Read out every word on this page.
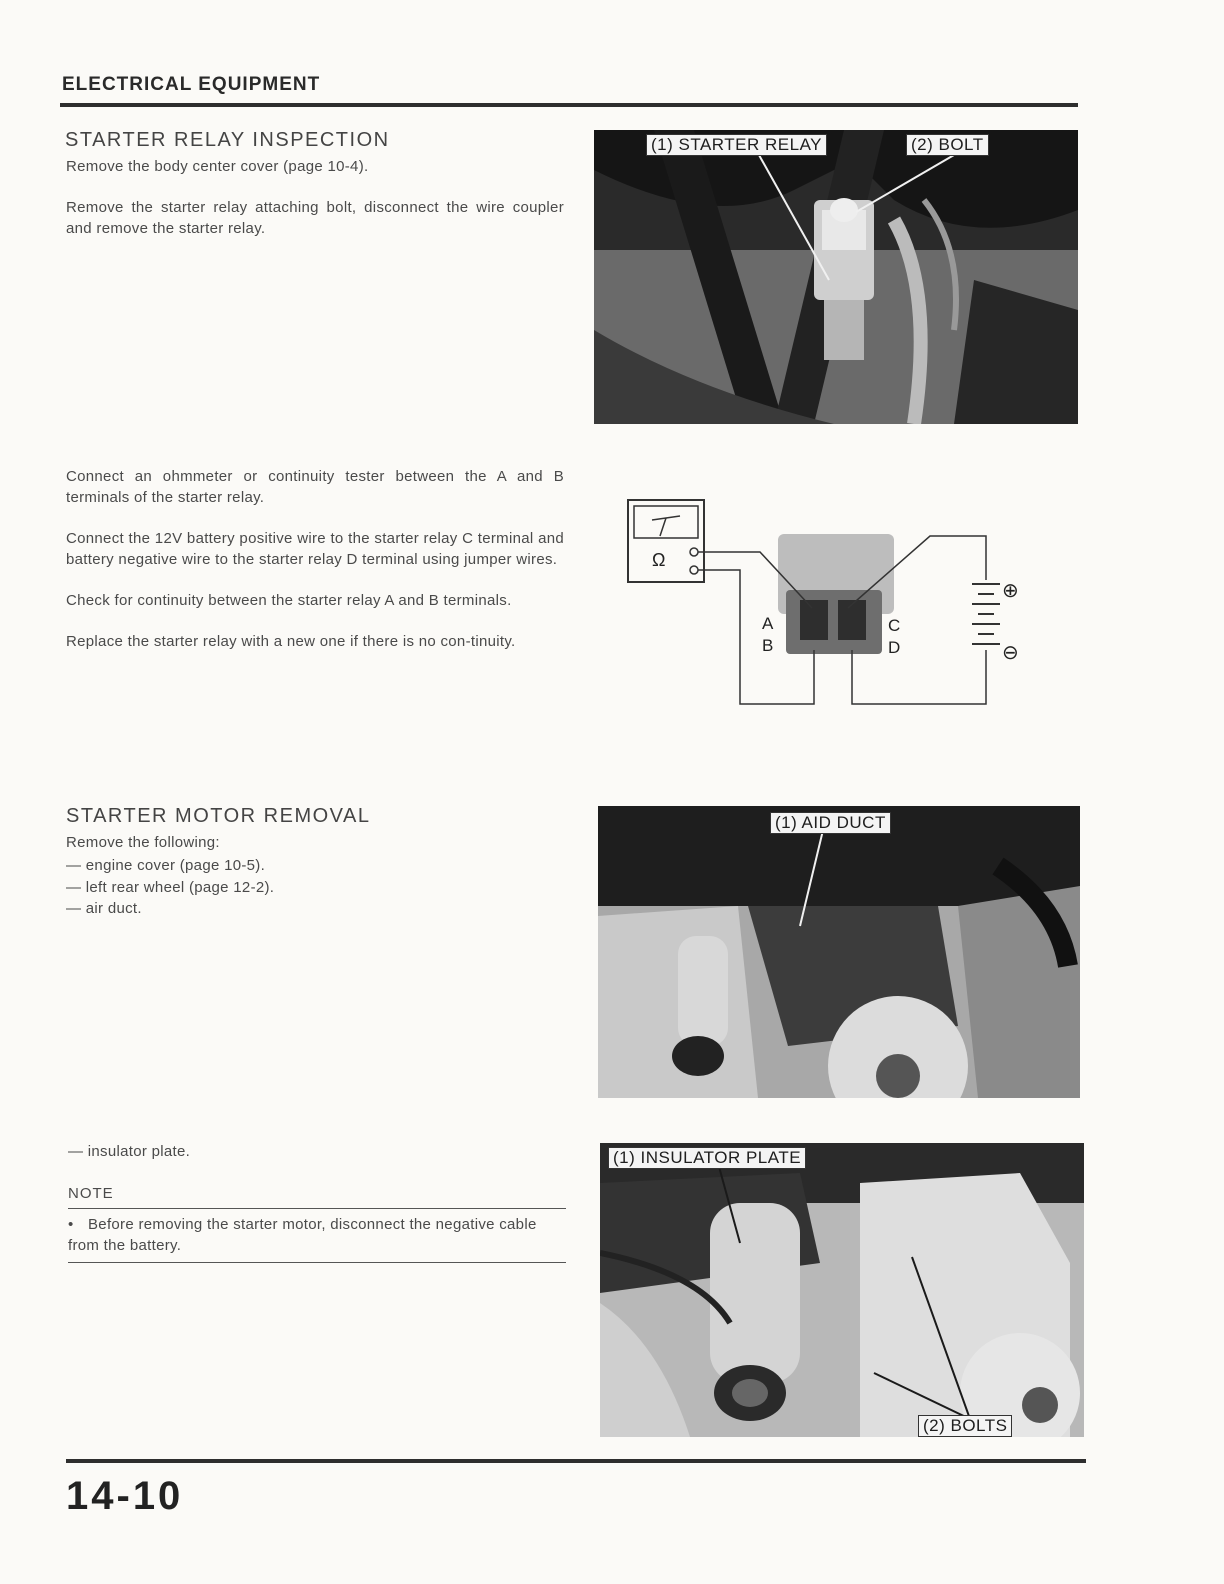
ELECTRICAL EQUIPMENT
STARTER RELAY INSPECTION

Remove the body center cover (page 10-4).

Remove the starter relay attaching bolt, disconnect the wire coupler and remove the starter relay.

(1) STARTER RELAY	(2) BOLT

Connect an ohmmeter or continuity tester between the A and B terminals of the starter relay.

Connect the 12V battery positive wire to the starter relay C terminal and battery negative wire to the starter relay D terminal using jumper wires.

Check for continuity between the starter relay A and B terminals.

Replace the starter relay with a new one if there is no con-tinuity.

Ω
A
B
C
D
⊕
⊖
STARTER MOTOR REMOVAL
Remove the following:
— engine cover (page 10-5).
— left rear wheel (page 12-2).
— air duct.
(1) AID DUCT
— insulator plate.
NOTE
• Before removing the starter motor, disconnect the negative cable from the battery.
(1) INSULATOR PLATE
(2) BOLTS
14-10
